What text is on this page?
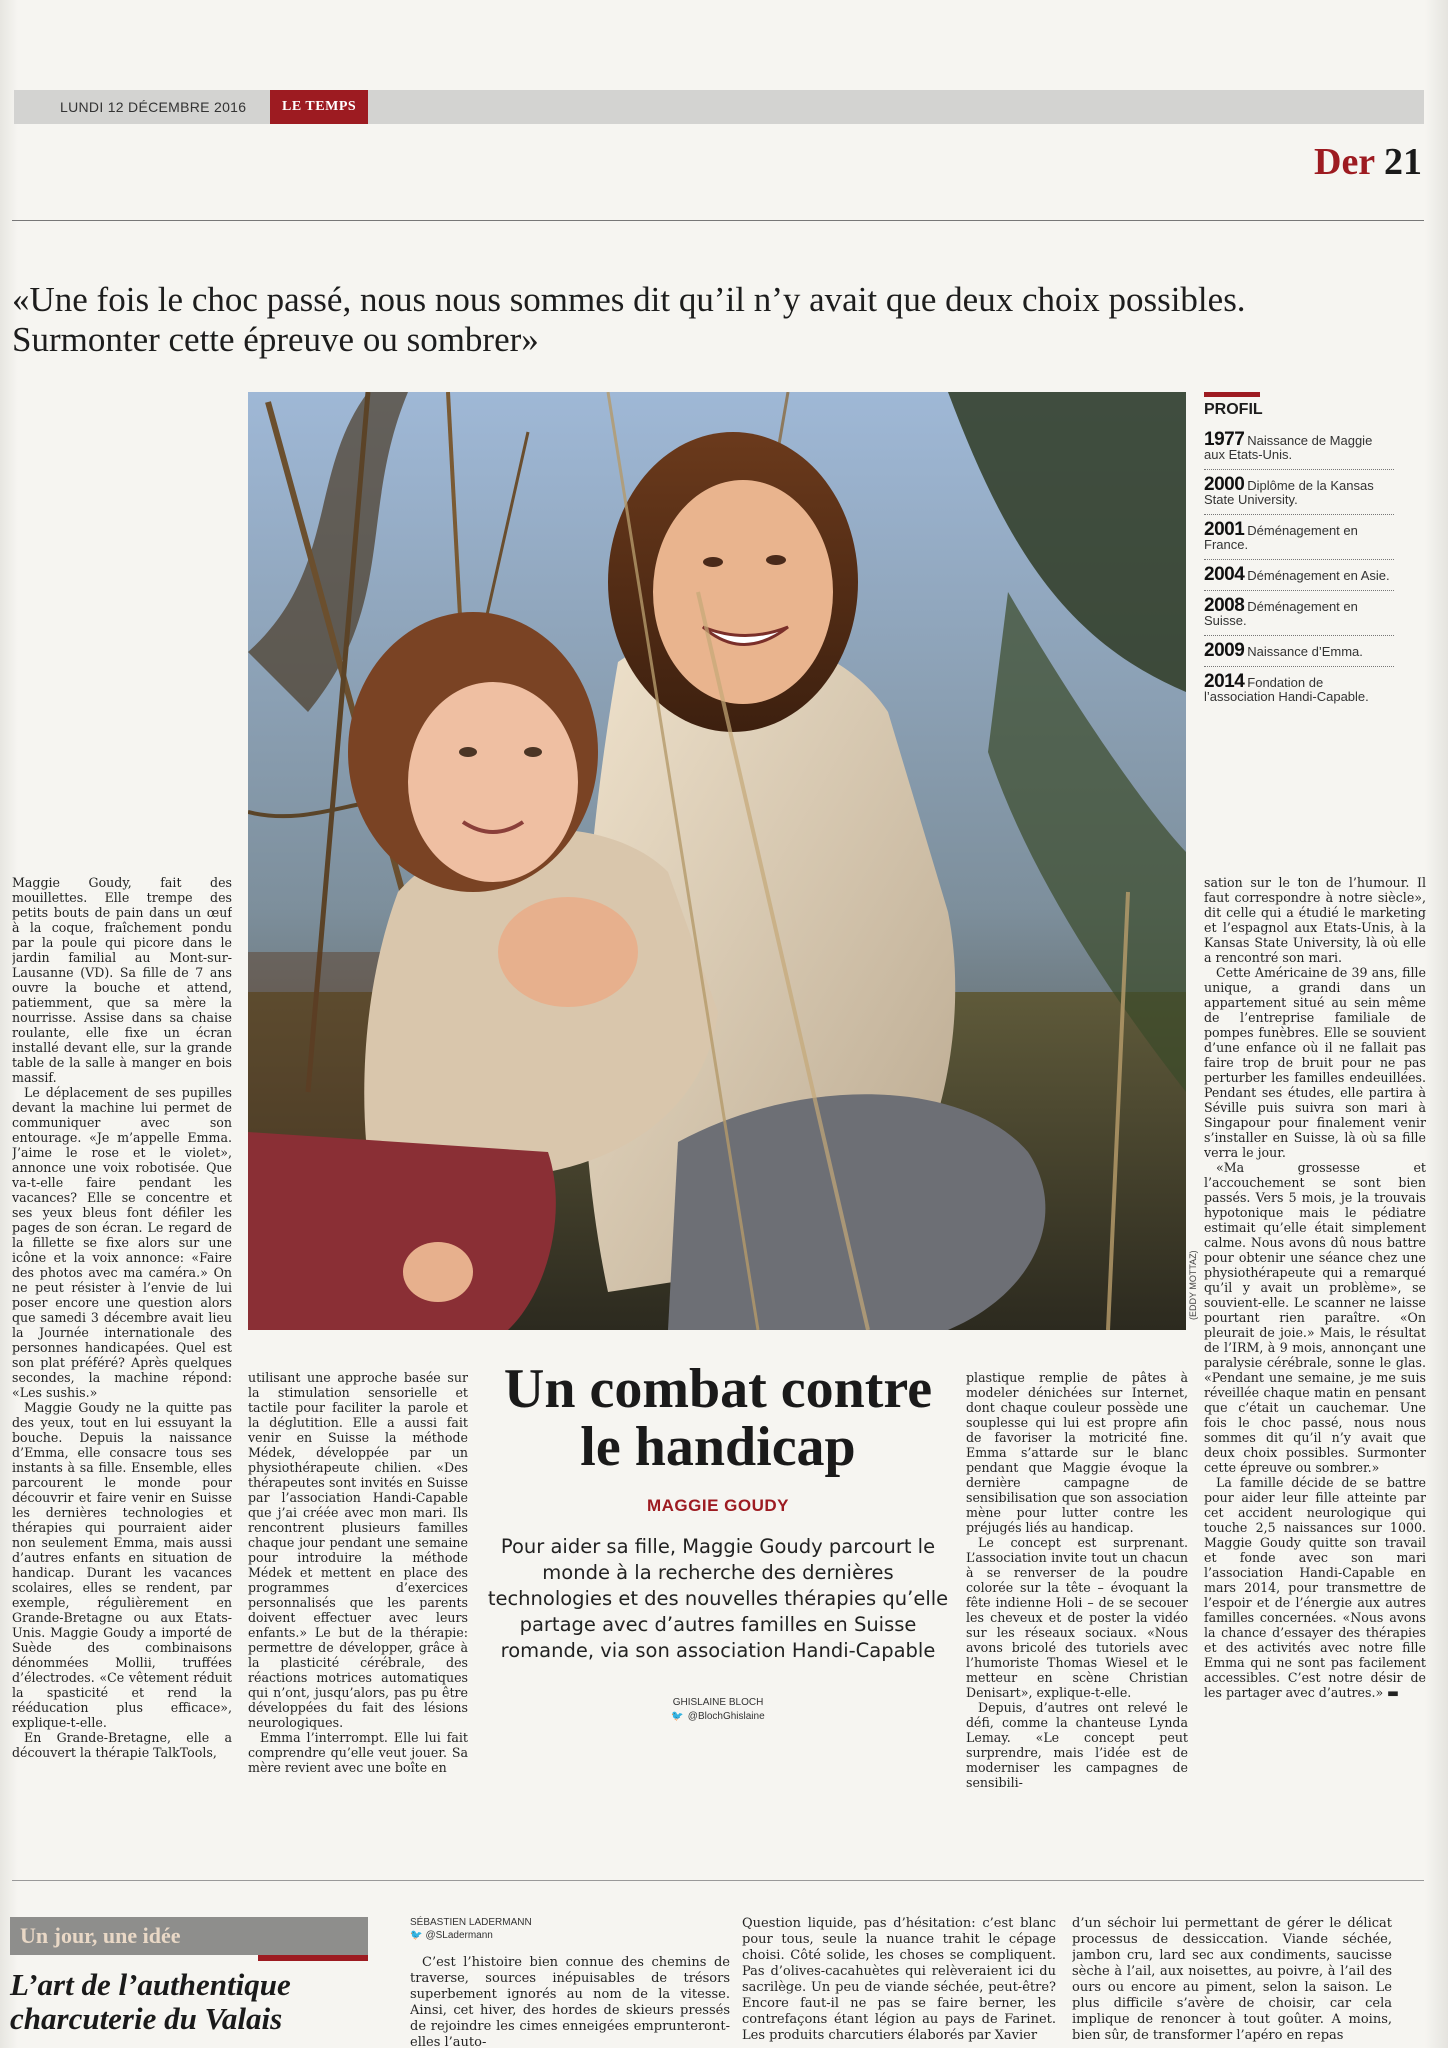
LUNDI 12 DÉCEMBRE 2016	LE TEMPS
Der 21
«Une fois le choc passé, nous nous sommes dit qu’il n’y avait que deux choix possibles. Surmonter cette épreuve ou sombrer»
(EDDY MOTTAZ)
PROFIL
1977 Naissance de Maggie aux Etats-Unis.
2000 Diplôme de la Kansas State University.
2001 Déménagement en France.
2004 Déménagement en Asie.
2008 Déménagement en Suisse.
2009 Naissance d’Emma.
2014 Fondation de l’association Handi-Capable.

Maggie Goudy, fait des mouillettes. Elle trempe des petits bouts de pain dans un œuf à la coque, fraîchement pondu par la poule qui picore dans le jardin familial au Mont-sur-Lausanne (VD). Sa fille de 7 ans ouvre la bouche et attend, patiemment, que sa mère la nourrisse. Assise dans sa chaise roulante, elle fixe un écran installé devant elle, sur la grande table de la salle à manger en bois massif.

Le déplacement de ses pupilles devant la machine lui permet de communiquer avec son entourage. «Je m’appelle Emma. J’aime le rose et le violet», annonce une voix robotisée. Que va-t-elle faire pendant les vacances? Elle se concentre et ses yeux bleus font défiler les pages de son écran. Le regard de la fillette se fixe alors sur une icône et la voix annonce: «Faire des photos avec ma caméra.» On ne peut résister à l’envie de lui poser encore une question alors que samedi 3 décembre avait lieu la Journée internationale des personnes handicapées. Quel est son plat préféré? Après quelques secondes, la machine répond: «Les sushis.»

Maggie Goudy ne la quitte pas des yeux, tout en lui essuyant la bouche. Depuis la naissance d’Emma, elle consacre tous ses instants à sa fille. Ensemble, elles parcourent le monde pour découvrir et faire venir en Suisse les dernières technologies et thérapies qui pourraient aider non seulement Emma, mais aussi d’autres enfants en situation de handicap. Durant les vacances scolaires, elles se rendent, par exemple, régulièrement en Grande-Bretagne ou aux Etats-Unis. Maggie Goudy a importé de Suède des combinaisons dénommées Mollii, truffées d’électrodes. «Ce vêtement réduit la spasticité et rend la rééducation plus efficace», explique-t-elle.

En Grande-Bretagne, elle a découvert la thérapie TalkTools,

utilisant une approche basée sur la stimulation sensorielle et tactile pour faciliter la parole et la déglutition. Elle a aussi fait venir en Suisse la méthode Médek, développée par un physiothérapeute chilien. «Des thérapeutes sont invités en Suisse par l’association Handi-Capable que j’ai créée avec mon mari. Ils rencontrent plusieurs familles chaque jour pendant une semaine pour introduire la méthode Médek et mettent en place des programmes d’exercices personnalisés que les parents doivent effectuer avec leurs enfants.» Le but de la thérapie: permettre de développer, grâce à la plasticité cérébrale, des réactions motrices automatiques qui n’ont, jusqu’alors, pas pu être développées du fait des lésions neurologiques.

Emma l’interrompt. Elle lui fait comprendre qu’elle veut jouer. Sa mère revient avec une boîte en

Un combat contre le handicap
MAGGIE GOUDY

Pour aider sa fille, Maggie Goudy parcourt le monde à la recherche des dernières technologies et des nouvelles thérapies qu’elle partage avec d’autres familles en Suisse romande, via son association Handi-Capable

GHISLAINE BLOCH
🐦 @BlochGhislaine

plastique remplie de pâtes à modeler dénichées sur Internet, dont chaque couleur possède une souplesse qui lui est propre afin de favoriser la motricité fine. Emma s’attarde sur le blanc pendant que Maggie évoque la dernière campagne de sensibilisation que son association mène pour lutter contre les préjugés liés au handicap.

Le concept est surprenant. L’association invite tout un chacun à se renverser de la poudre colorée sur la tête – évoquant la fête indienne Holi – de se secouer les cheveux et de poster la vidéo sur les réseaux sociaux. «Nous avons bricolé des tutoriels avec l’humoriste Thomas Wiesel et le metteur en scène Christian Denisart», explique-t-elle.

Depuis, d’autres ont relevé le défi, comme la chanteuse Lynda Lemay. «Le concept peut surprendre, mais l’idée est de moderniser les campagnes de sensibili-

sation sur le ton de l’humour. Il faut correspondre à notre siècle», dit celle qui a étudié le marketing et l’espagnol aux Etats-Unis, à la Kansas State University, là où elle a rencontré son mari.

Cette Américaine de 39 ans, fille unique, a grandi dans un appartement situé au sein même de l’entreprise familiale de pompes funèbres. Elle se souvient d’une enfance où il ne fallait pas faire trop de bruit pour ne pas perturber les familles endeuillées. Pendant ses études, elle partira à Séville puis suivra son mari à Singapour pour finalement venir s’installer en Suisse, là où sa fille verra le jour.

«Ma grossesse et l’accouchement se sont bien passés. Vers 5 mois, je la trouvais hypotonique mais le pédiatre estimait qu’elle était simplement calme. Nous avons dû nous battre pour obtenir une séance chez une physiothérapeute qui a remarqué qu’il y avait un problème», se souvient-elle. Le scanner ne laisse pourtant rien paraître. «On pleurait de joie.» Mais, le résultat de l’IRM, à 9 mois, annonçant une paralysie cérébrale, sonne le glas. «Pendant une semaine, je me suis réveillée chaque matin en pensant que c’était un cauchemar. Une fois le choc passé, nous nous sommes dit qu’il n’y avait que deux choix possibles. Surmonter cette épreuve ou sombrer.»

La famille décide de se battre pour aider leur fille atteinte par cet accident neurologique qui touche 2,5 naissances sur 1000. Maggie Goudy quitte son travail et fonde avec son mari l’association Handi-Capable en mars 2014, pour transmettre de l’espoir et de l’énergie aux autres familles concernées. «Nous avons la chance d’essayer des thérapies et des activités avec notre fille Emma qui ne sont pas facilement accessibles. C’est notre désir de les partager avec d’autres.» ▬

Un jour, une idée
L’art de l’authentique charcuterie du Valais
SÉBASTIEN LADERMANN
🐦 @SLadermann

C’est l’histoire bien connue des chemins de traverse, sources inépuisables de trésors superbement ignorés au nom de la vitesse. Ainsi, cet hiver, des hordes de skieurs pressés de rejoindre les cimes enneigées emprunteront-elles l’auto-

Question liquide, pas d’hésitation: c’est blanc pour tous, seule la nuance trahit le cépage choisi. Côté solide, les choses se compliquent. Pas d’olives-cacahuètes qui relèveraient ici du sacrilège. Un peu de viande séchée, peut-être? Encore faut-il ne pas se faire berner, les contrefaçons étant légion au pays de Farinet. Les produits charcutiers élaborés par Xavier

d’un séchoir lui permettant de gérer le délicat processus de dessiccation. Viande séchée, jambon cru, lard sec aux condiments, saucisse sèche à l’ail, aux noisettes, au poivre, à l’ail des ours ou encore au piment, selon la saison. Le plus difficile s’avère de choisir, car cela implique de renoncer à tout goûter. A moins, bien sûr, de transformer l’apéro en repas
